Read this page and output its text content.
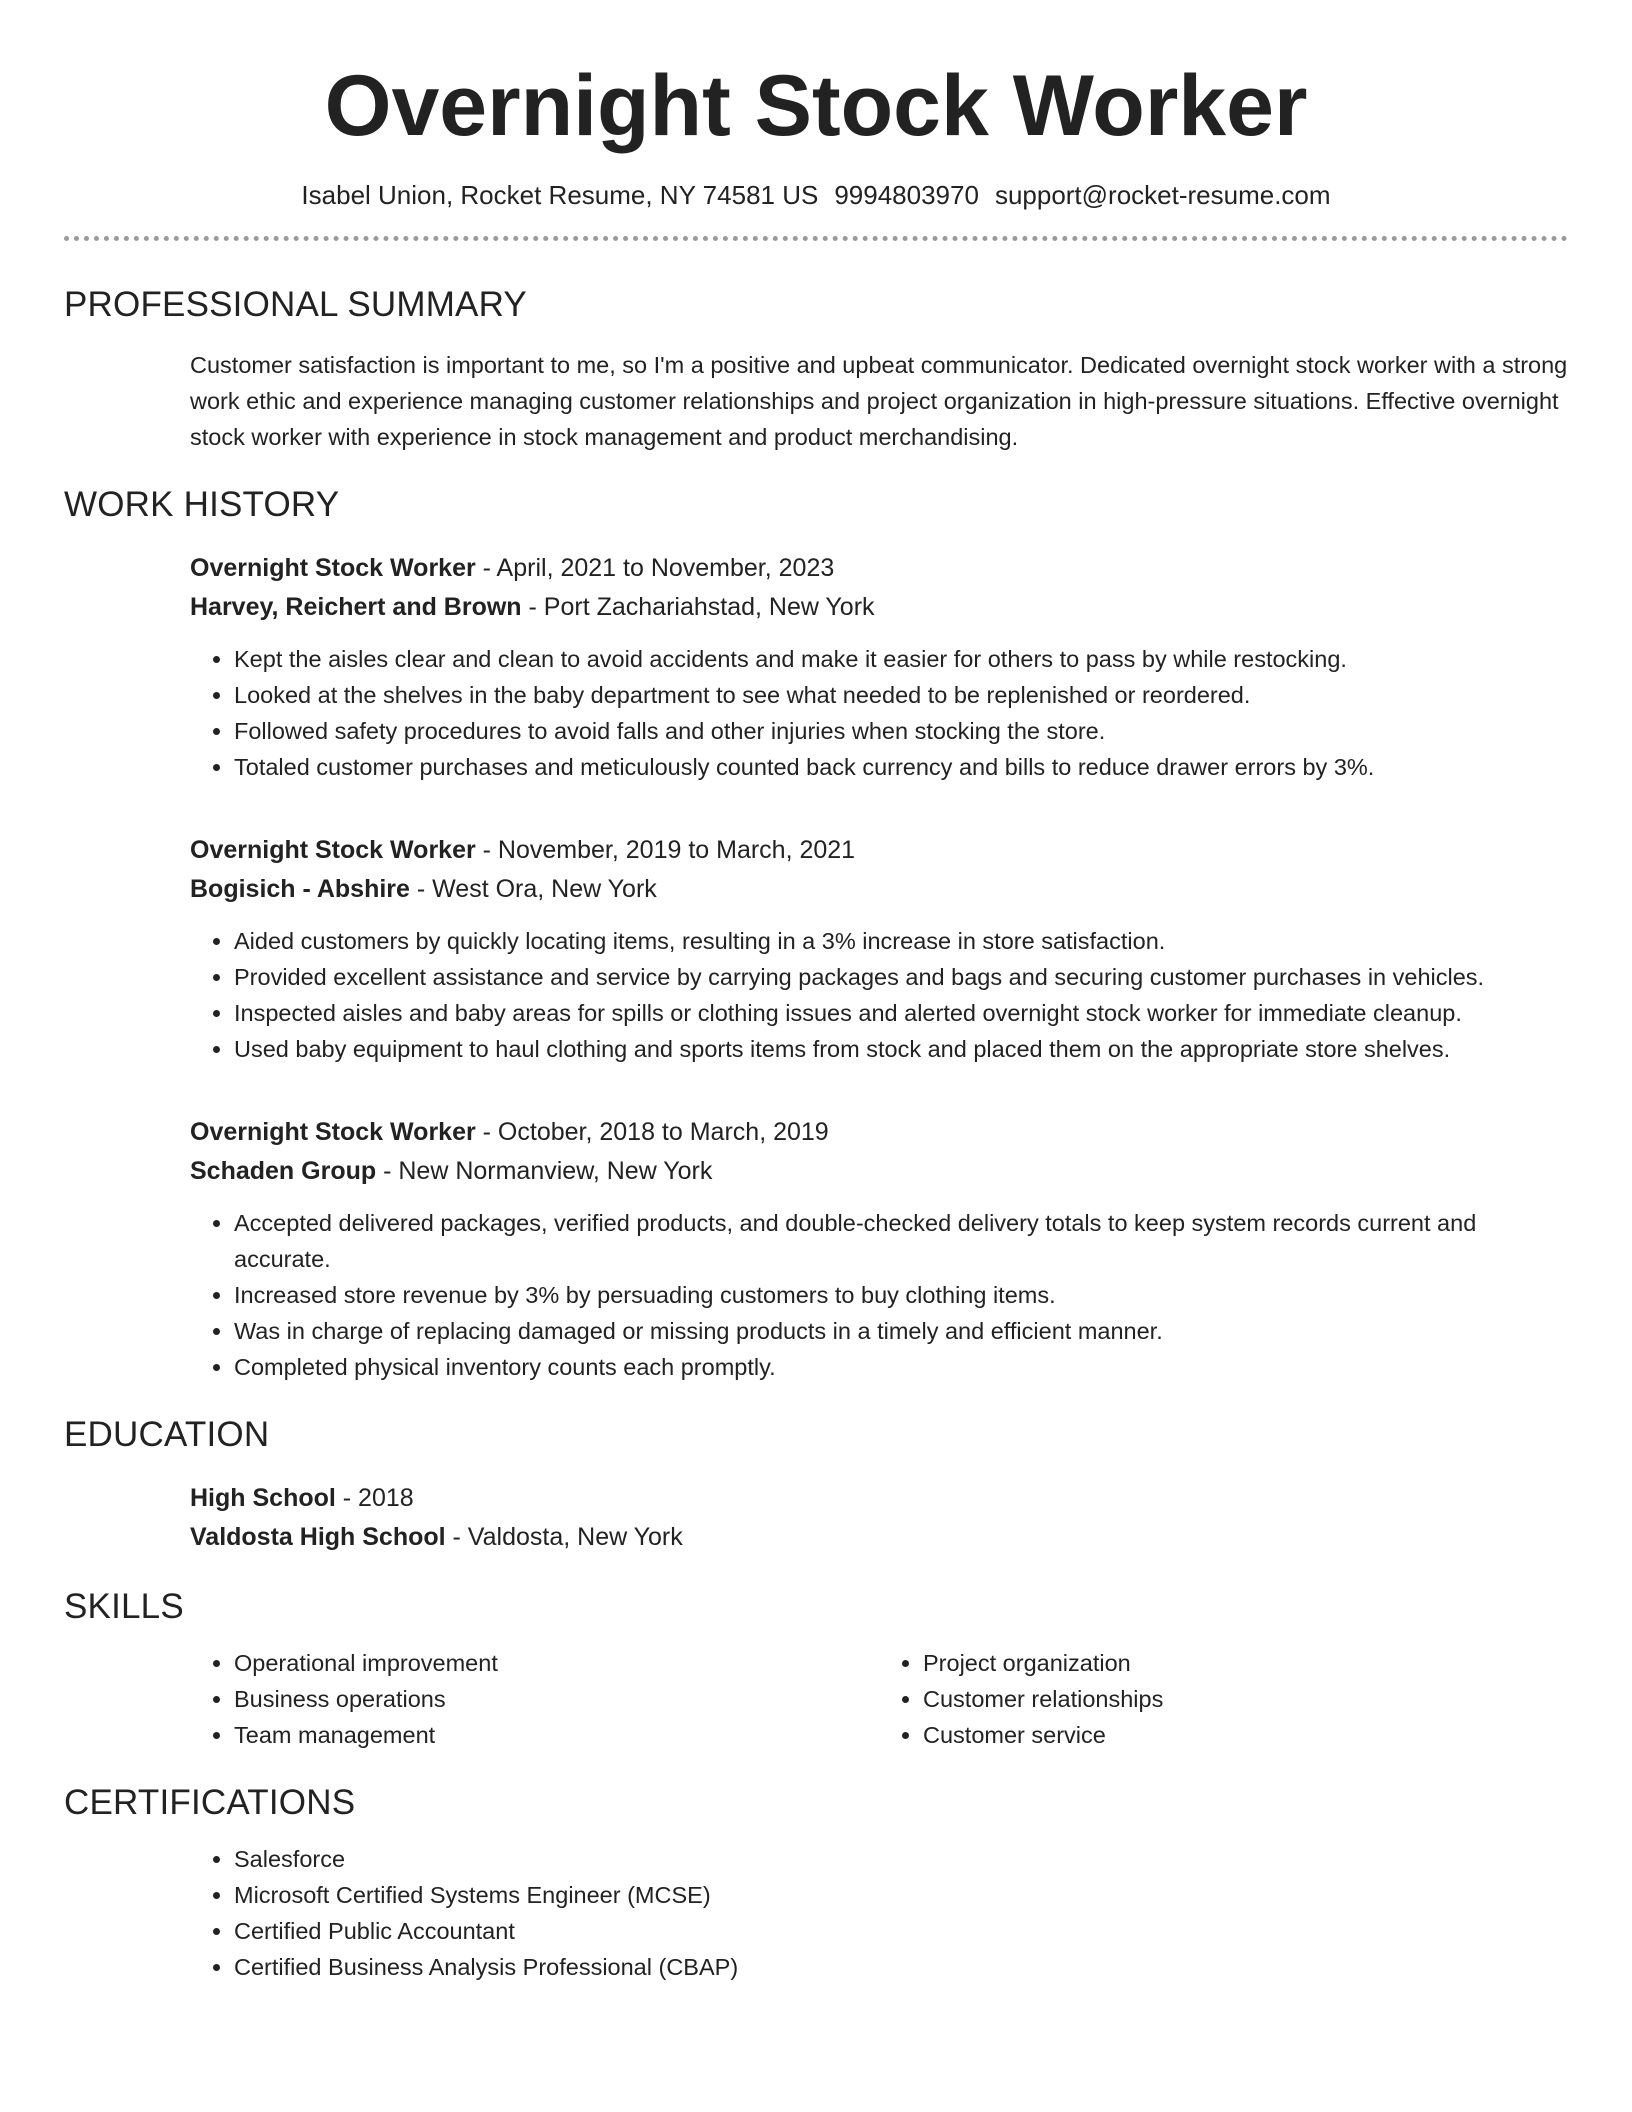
Overnight Stock Worker
Isabel Union, Rocket Resume, NY 74581 US 9994803970 support@rocket-resume.com
PROFESSIONAL SUMMARY
Customer satisfaction is important to me, so I'm a positive and upbeat communicator. Dedicated overnight stock worker with a strong work ethic and experience managing customer relationships and project organization in high-pressure situations. Effective overnight stock worker with experience in stock management and product merchandising.
WORK HISTORY
Overnight Stock Worker - April, 2021 to November, 2023
Harvey, Reichert and Brown - Port Zachariahstad, New York
• Kept the aisles clear and clean to avoid accidents and make it easier for others to pass by while restocking.
• Looked at the shelves in the baby department to see what needed to be replenished or reordered.
• Followed safety procedures to avoid falls and other injuries when stocking the store.
• Totaled customer purchases and meticulously counted back currency and bills to reduce drawer errors by 3%.
Overnight Stock Worker - November, 2019 to March, 2021
Bogisich - Abshire - West Ora, New York
• Aided customers by quickly locating items, resulting in a 3% increase in store satisfaction.
• Provided excellent assistance and service by carrying packages and bags and securing customer purchases in vehicles.
• Inspected aisles and baby areas for spills or clothing issues and alerted overnight stock worker for immediate cleanup.
• Used baby equipment to haul clothing and sports items from stock and placed them on the appropriate store shelves.
Overnight Stock Worker - October, 2018 to March, 2019
Schaden Group - New Normanview, New York
• Accepted delivered packages, verified products, and double-checked delivery totals to keep system records current and accurate.
• Increased store revenue by 3% by persuading customers to buy clothing items.
• Was in charge of replacing damaged or missing products in a timely and efficient manner.
• Completed physical inventory counts each promptly.
EDUCATION
High School - 2018
Valdosta High School - Valdosta, New York
SKILLS
• Operational improvement
• Business operations
• Team management
• Project organization
• Customer relationships
• Customer service
CERTIFICATIONS
• Salesforce
• Microsoft Certified Systems Engineer (MCSE)
• Certified Public Accountant
• Certified Business Analysis Professional (CBAP)
